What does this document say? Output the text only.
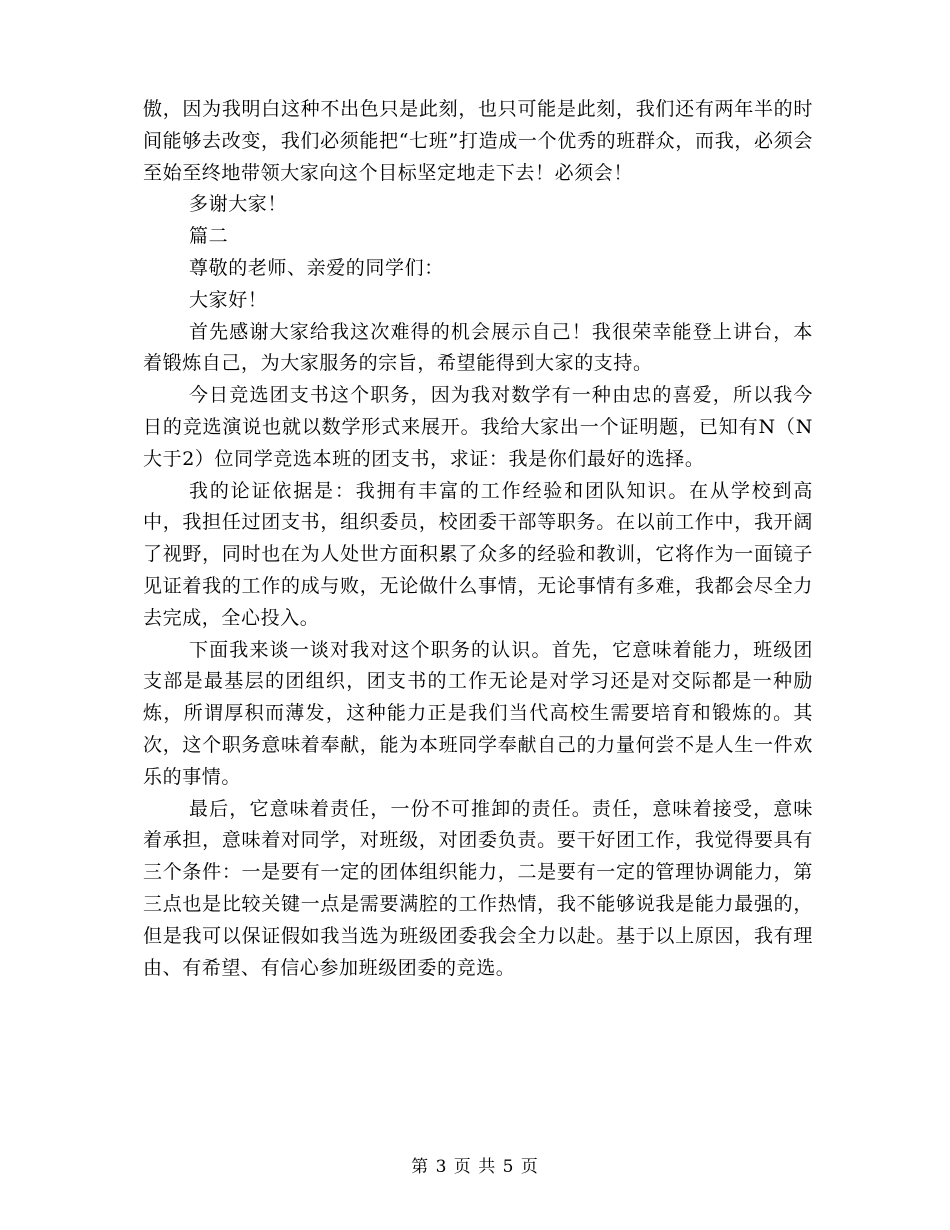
傲，因为我明白这种不出色只是此刻，也只可能是此刻，我们还有两年半的时间能够去改变，我们必须能把“七班”打造成一个优秀的班群众，而我，必须会至始至终地带领大家向这个目标坚定地走下去！必须会！

多谢大家！

篇二

尊敬的老师、亲爱的同学们：

大家好！

首先感谢大家给我这次难得的机会展示自己！我很荣幸能登上讲台，本着锻炼自己，为大家服务的宗旨，希望能得到大家的支持。

今日竞选团支书这个职务，因为我对数学有一种由忠的喜爱，所以我今日的竞选演说也就以数学形式来展开。我给大家出一个证明题，已知有N（N大于2）位同学竞选本班的团支书，求证：我是你们最好的选择。

我的论证依据是：我拥有丰富的工作经验和团队知识。在从学校到高中，我担任过团支书，组织委员，校团委干部等职务。在以前工作中，我开阔了视野，同时也在为人处世方面积累了众多的经验和教训，它将作为一面镜子见证着我的工作的成与败，无论做什么事情，无论事情有多难，我都会尽全力去完成，全心投入。

下面我来谈一谈对我对这个职务的认识。首先，它意味着能力，班级团支部是最基层的团组织，团支书的工作无论是对学习还是对交际都是一种励炼，所谓厚积而薄发，这种能力正是我们当代高校生需要培育和锻炼的。其次，这个职务意味着奉献，能为本班同学奉献自己的力量何尝不是人生一件欢乐的事情。

最后，它意味着责任，一份不可推卸的责任。责任，意味着接受，意味着承担，意味着对同学，对班级，对团委负责。要干好团工作，我觉得要具有三个条件：一是要有一定的团体组织能力，二是要有一定的管理协调能力，第三点也是比较关键一点是需要满腔的工作热情，我不能够说我是能力最强的，但是我可以保证假如我当选为班级团委我会全力以赴。基于以上原因，我有理由、有希望、有信心参加班级团委的竞选。

第 3 页 共 5 页
